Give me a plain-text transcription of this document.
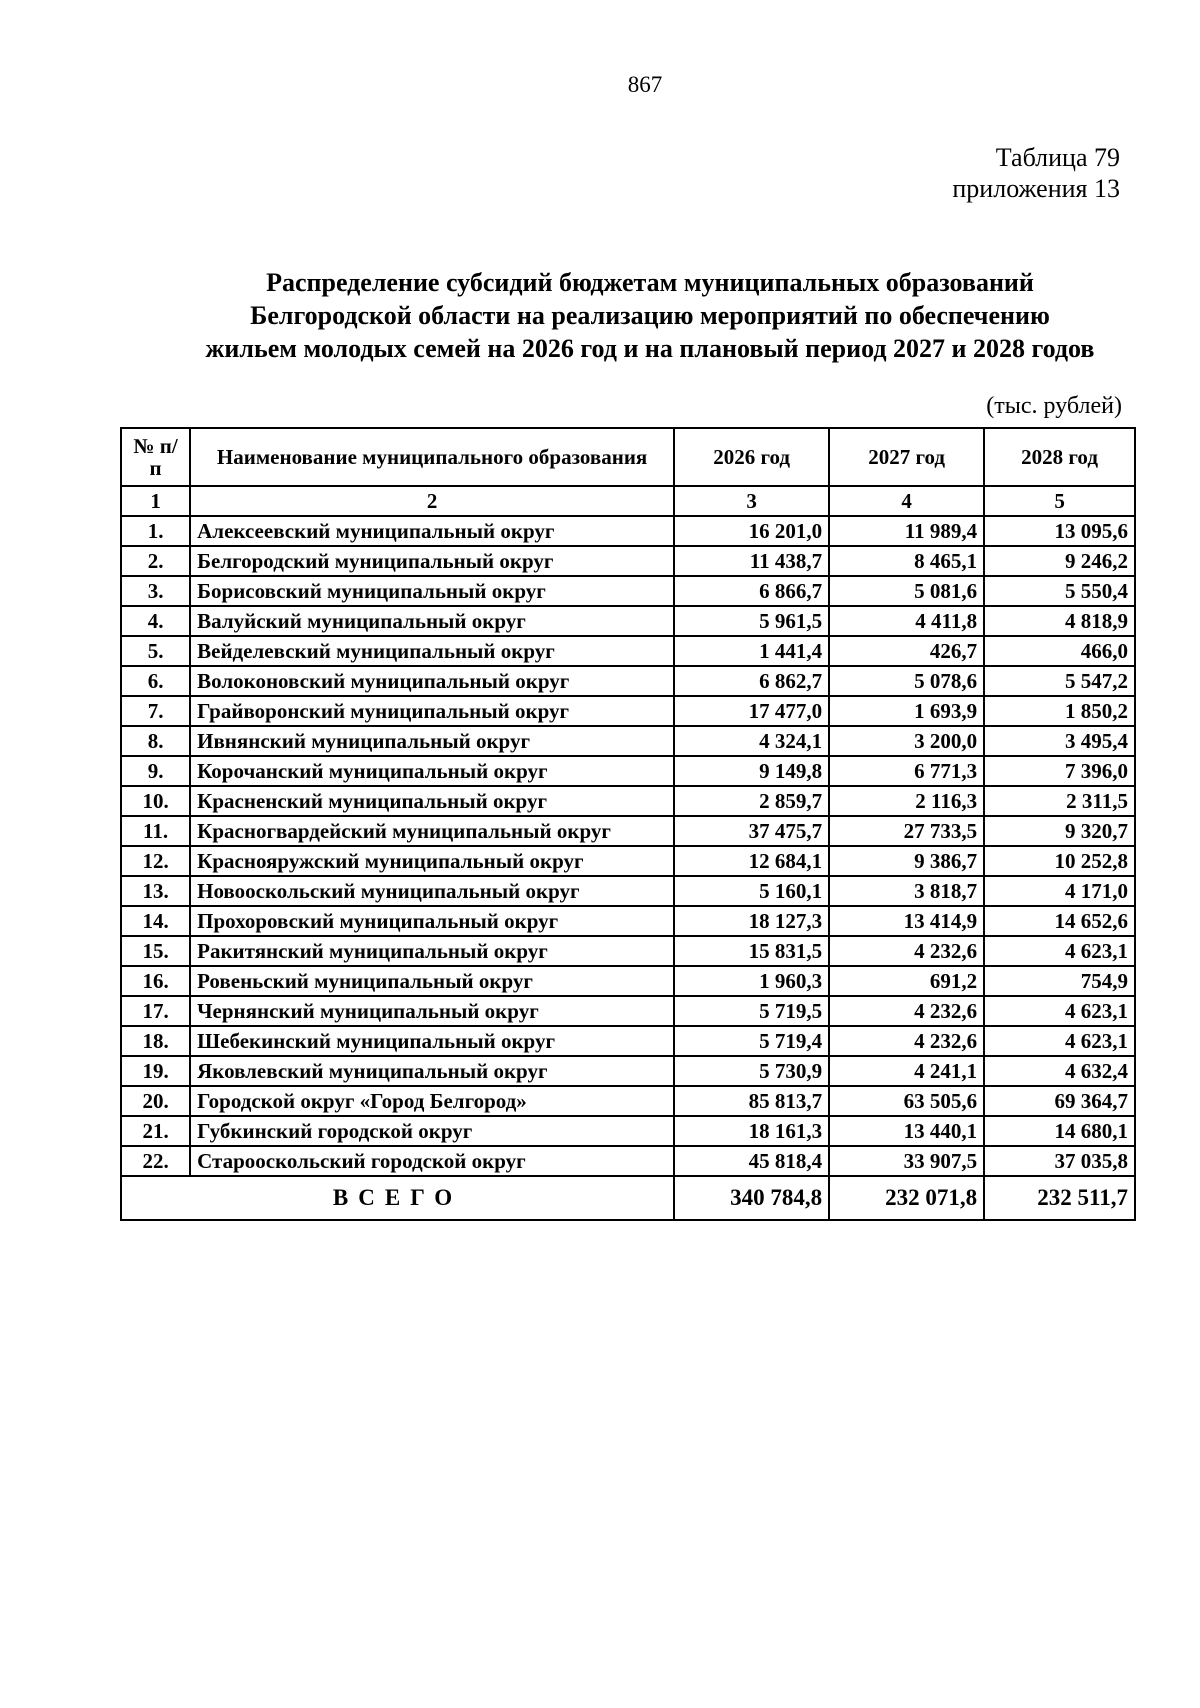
867
Таблица 79
приложения 13
Распределение субсидий бюджетам муниципальных образований
Белгородской области на реализацию мероприятий по обеспечению
жильем молодых семей на 2026 год и на плановый период 2027 и 2028 годов
(тыс. рублей)
№ п/п	Наименование муниципального образования	2026 год	2027 год	2028 год
1	2	3	4	5
1.	Алексеевский муниципальный округ	16 201,0	11 989,4	13 095,6
2.	Белгородский муниципальный округ	11 438,7	8 465,1	9 246,2
3.	Борисовский муниципальный округ	6 866,7	5 081,6	5 550,4
4.	Валуйский муниципальный округ	5 961,5	4 411,8	4 818,9
5.	Вейделевский муниципальный округ	1 441,4	426,7	466,0
6.	Волоконовский муниципальный округ	6 862,7	5 078,6	5 547,2
7.	Грайворонский муниципальный округ	17 477,0	1 693,9	1 850,2
8.	Ивнянский муниципальный округ	4 324,1	3 200,0	3 495,4
9.	Корочанский муниципальный округ	9 149,8	6 771,3	7 396,0
10.	Красненский муниципальный округ	2 859,7	2 116,3	2 311,5
11.	Красногвардейский муниципальный округ	37 475,7	27 733,5	9 320,7
12.	Краснояружский муниципальный округ	12 684,1	9 386,7	10 252,8
13.	Новооскольский муниципальный округ	5 160,1	3 818,7	4 171,0
14.	Прохоровский муниципальный округ	18 127,3	13 414,9	14 652,6
15.	Ракитянский муниципальный округ	15 831,5	4 232,6	4 623,1
16.	Ровеньский муниципальный округ	1 960,3	691,2	754,9
17.	Чернянский муниципальный округ	5 719,5	4 232,6	4 623,1
18.	Шебекинский муниципальный округ	5 719,4	4 232,6	4 623,1
19.	Яковлевский муниципальный округ	5 730,9	4 241,1	4 632,4
20.	Городской округ «Город Белгород»	85 813,7	63 505,6	69 364,7
21.	Губкинский городской округ	18 161,3	13 440,1	14 680,1
22.	Старооскольский городской округ	45 818,4	33 907,5	37 035,8
ВСЕГО		340 784,8	232 071,8	232 511,7
